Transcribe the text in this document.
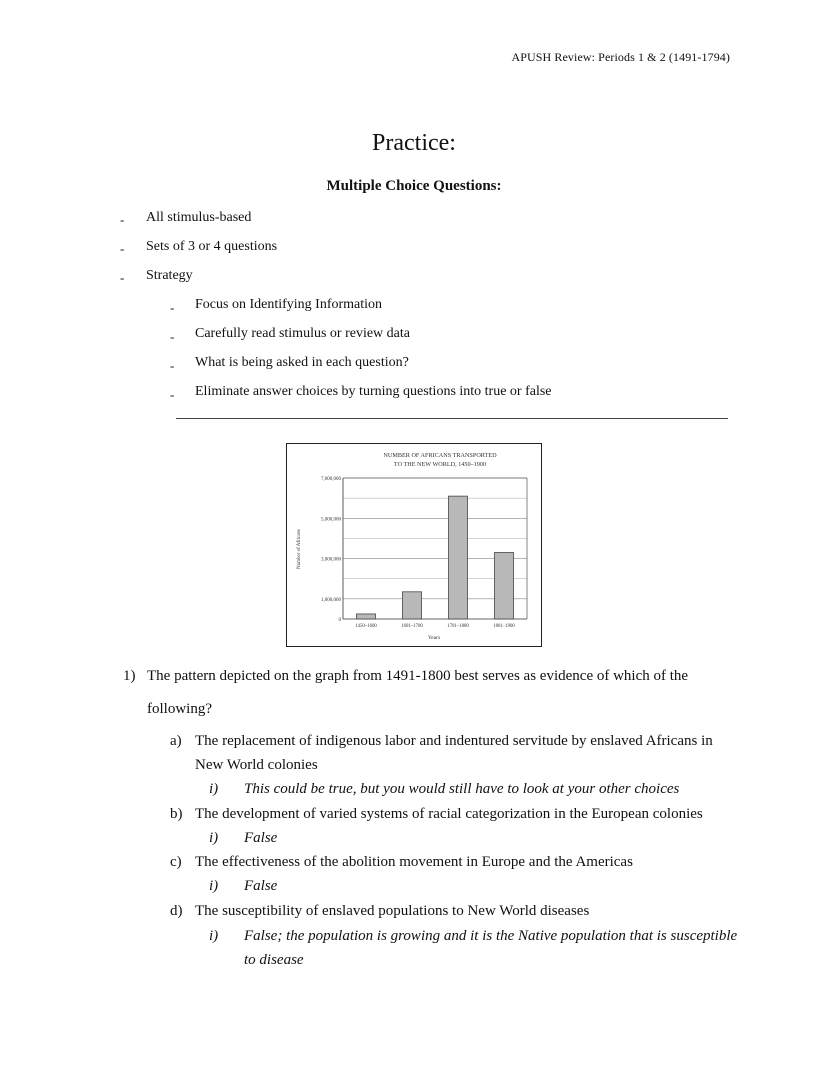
APUSH Review: Periods 1 & 2 (1491-1794)
Practice:
Multiple Choice Questions:
- All stimulus-based
- Sets of 3 or 4 questions
- Strategy
- Focus on Identifying Information
- Carefully read stimulus or review data
- What is being asked in each question?
- Eliminate answer choices by turning questions into true or false
NUMBER OF AFRICANS TRANSPORTED
TO THE NEW WORLD, 1450–1900
0
1,000,000
3,000,000
5,000,000
7,000,000
1450–1600	1601–1700	1701–1800	1801–1900
Years
Number of Africans
1) The pattern depicted on the graph from 1491-1800 best serves as evidence of which of the
following?
a) The replacement of indigenous labor and indentured servitude by enslaved Africans in
New World colonies
i) This could be true, but you would still have to look at your other choices
b) The development of varied systems of racial categorization in the European colonies
i) False
c) The effectiveness of the abolition movement in Europe and the Americas
i) False
d) The susceptibility of enslaved populations to New World diseases
i) False; the population is growing and it is the Native population that is susceptible
to disease
